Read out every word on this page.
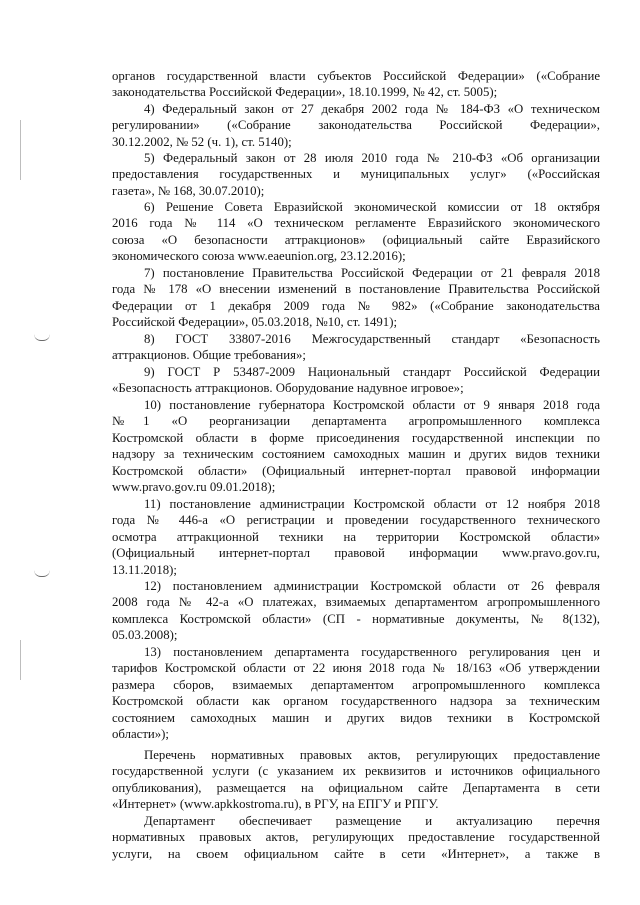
органов государственной власти субъектов Российской Федерации» («Собрание
законодательства Российской Федерации», 18.10.1999, № 42, ст. 5005);

4) Федеральный закон от 27 декабря 2002 года № 184-ФЗ «О техническом
регулировании» («Собрание законодательства Российской Федерации»,
30.12.2002, № 52 (ч. 1), ст. 5140);

5) Федеральный закон от 28 июля 2010 года № 210-ФЗ «Об организации
предоставления государственных и муниципальных услуг» («Российская
газета», № 168, 30.07.2010);

6) Решение Совета Евразийской экономической комиссии от 18 октября
2016 года № 114 «О техническом регламенте Евразийского экономического
союза «О безопасности аттракционов» (официальный сайте Евразийского
экономического союза www.eaeunion.org, 23.12.2016);

7) постановление Правительства Российской Федерации от 21 февраля 2018
года № 178 «О внесении изменений в постановление Правительства Российской
Федерации от 1 декабря 2009 года № 982» («Собрание законодательства
Российской Федерации», 05.03.2018, №10, ст. 1491);

8) ГОСТ 33807-2016 Межгосударственный стандарт «Безопасность
аттракционов. Общие требования»;

9) ГОСТ Р 53487-2009 Национальный стандарт Российской Федерации
«Безопасность аттракционов. Оборудование надувное игровое»;

10) постановление губернатора Костромской области от 9 января 2018 года
№1 «О реорганизации департамента агропромышленного комплекса
Костромской области в форме присоединения государственной инспекции по
надзору за техническим состоянием самоходных машин и других видов техники
Костромской области» (Официальный интернет-портал правовой информации
www.pravo.gov.ru 09.01.2018);

11) постановление администрации Костромской области от 12 ноября 2018
года № 446-а «О регистрации и проведении государственного технического
осмотра аттракционной техники на территории Костромской области»
(Официальный интернет-портал правовой информации www.pravo.gov.ru,
13.11.2018);

12) постановлением администрации Костромской области от 26 февраля
2008 года № 42-а «О платежах, взимаемых департаментом агропромышленного
комплекса Костромской области» (СП - нормативные документы, № 8(132),
05.03.2008);

13) постановлением департамента государственного регулирования цен и
тарифов Костромской области от 22 июня 2018 года № 18/163 «Об утверждении
размера сборов, взимаемых департаментом агропромышленного комплекса
Костромской области как органом государственного надзора за техническим
состоянием самоходных машин и других видов техники в Костромской
области»);

Перечень нормативных правовых актов, регулирующих предоставление
государственной услуги (с указанием их реквизитов и источников официального
опубликования), размещается на официальном сайте Департамента в сети
«Интернет» (www.apkkostroma.ru), в РГУ, на ЕПГУ и РПГУ.

Департамент обеспечивает размещение и актуализацию перечня
нормативных правовых актов, регулирующих предоставление государственной
услуги, на своем официальном сайте в сети «Интернет», а также в
